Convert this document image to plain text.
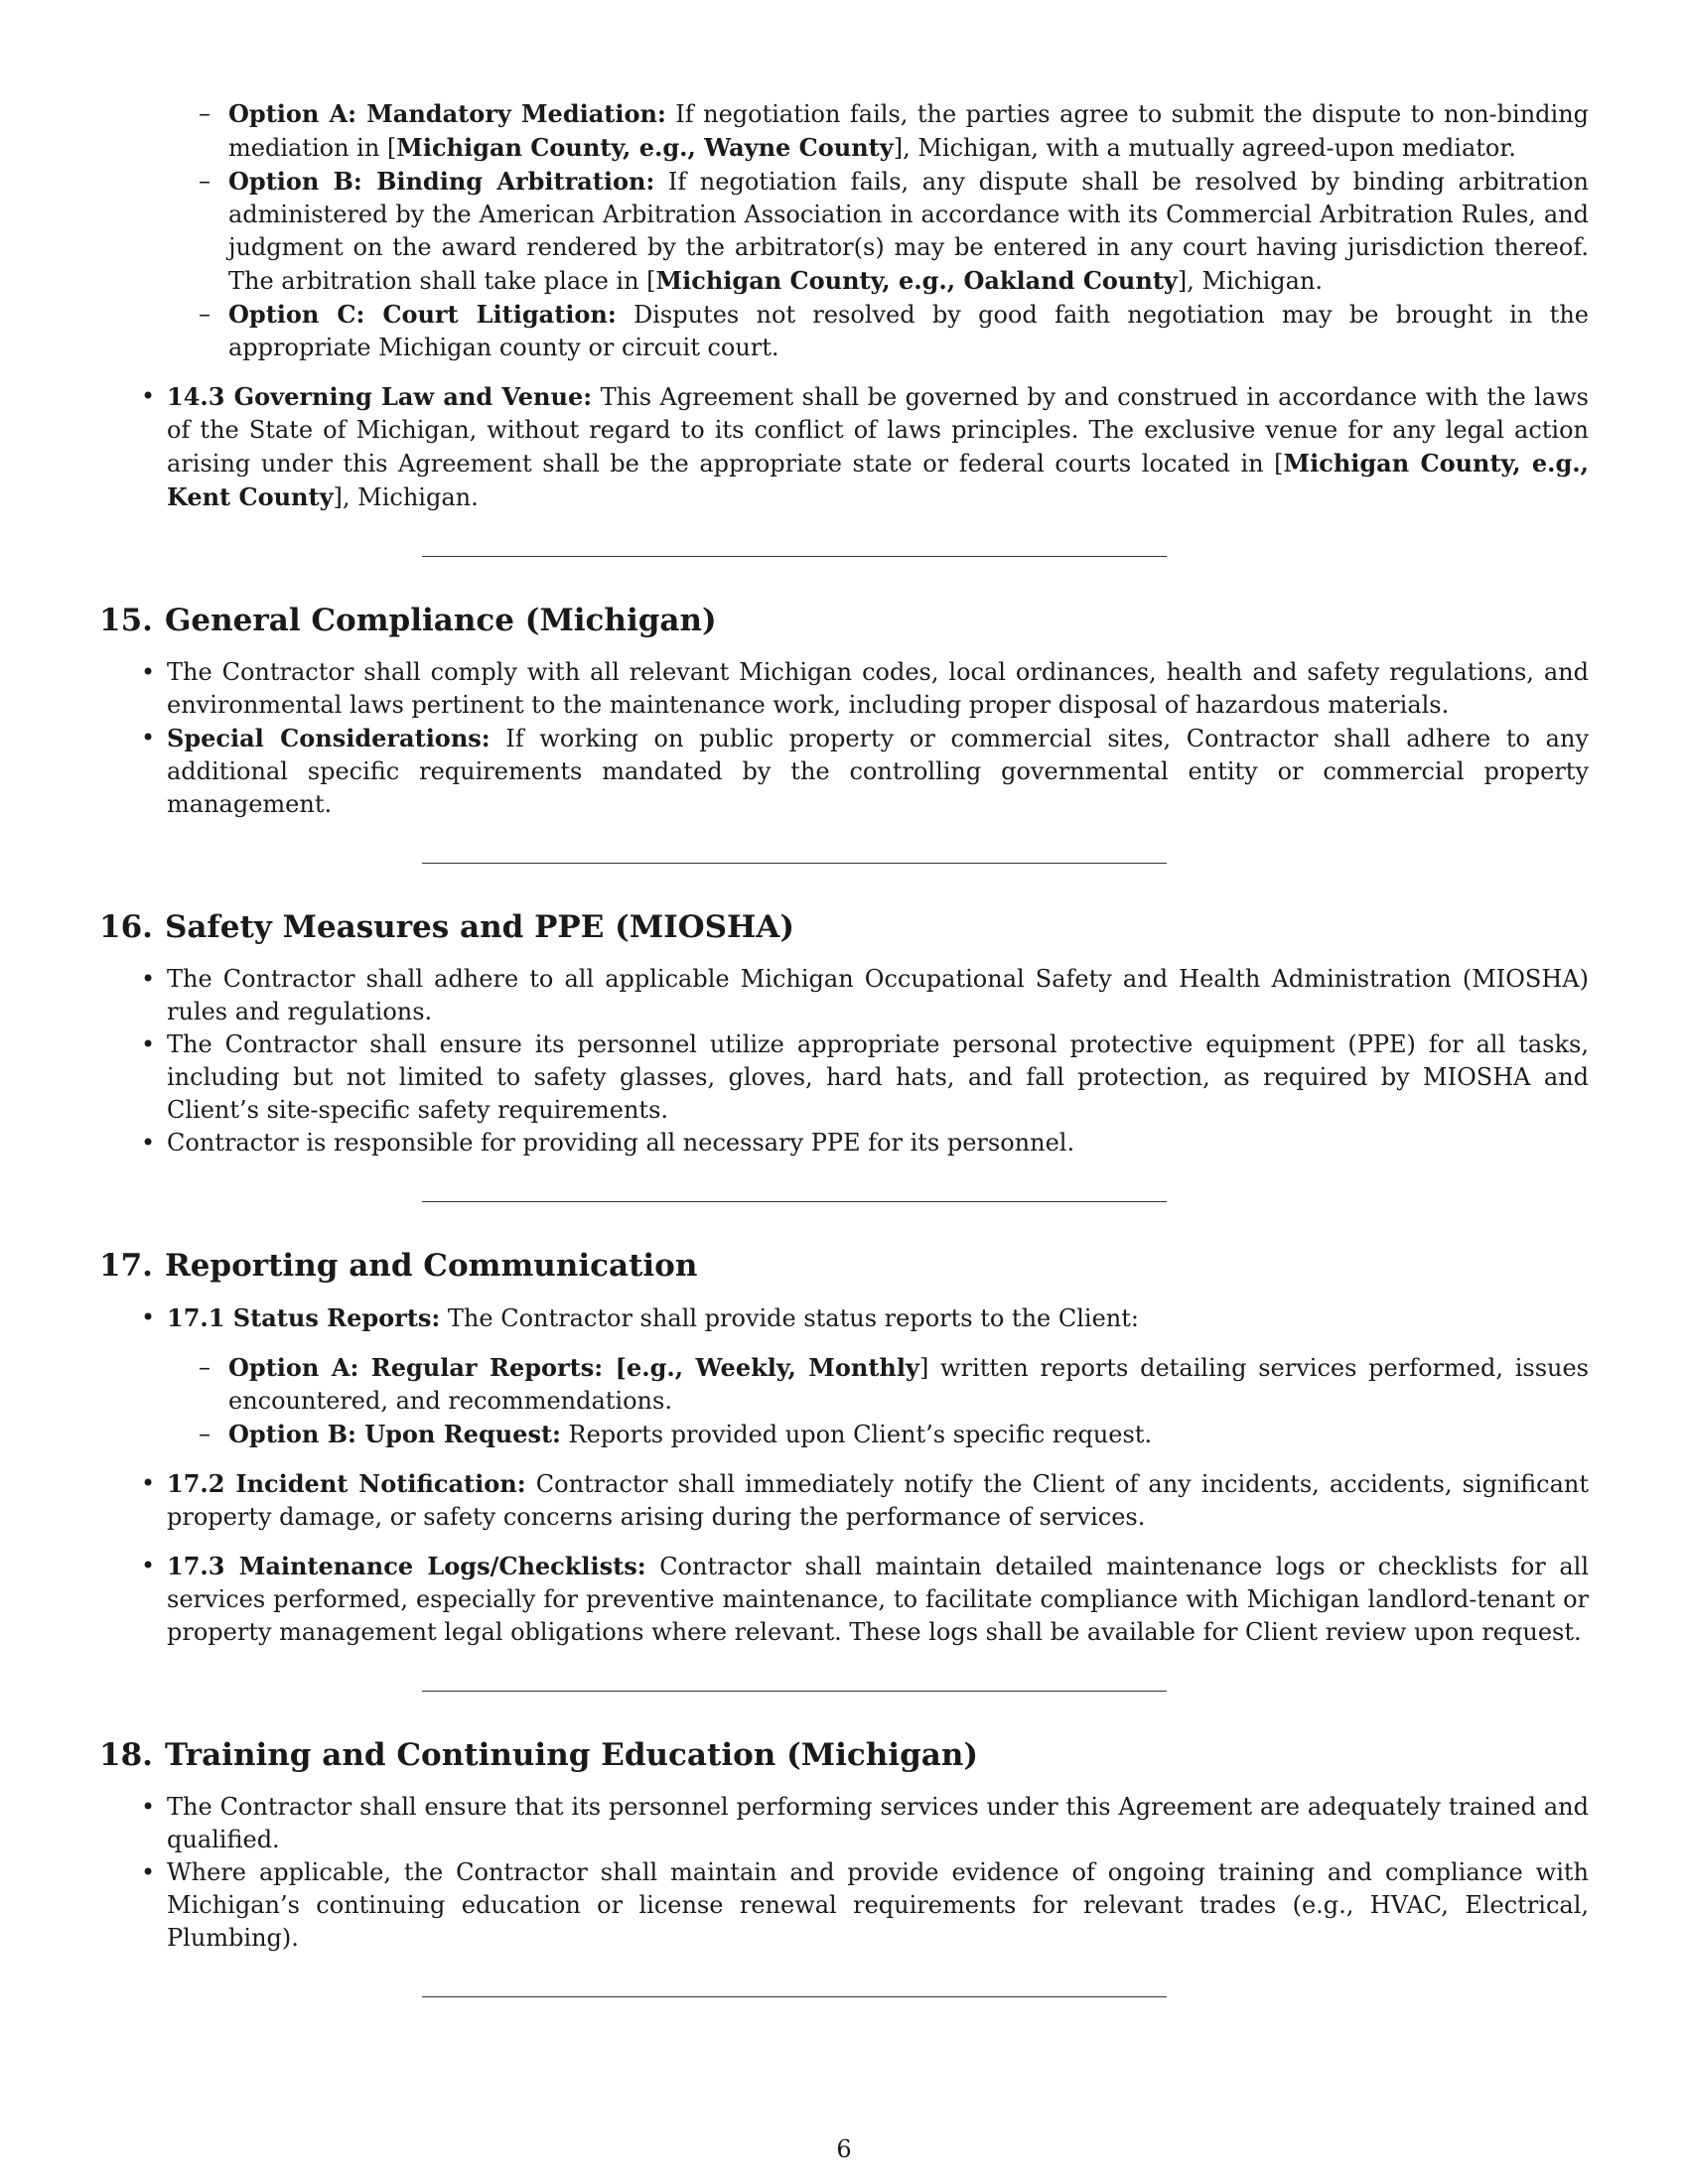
– Option A: Mandatory Mediation: If negotiation fails, the parties agree to submit the dispute to non-binding mediation in [Michigan County, e.g., Wayne County], Michigan, with a mutually agreed-upon mediator.
– Option B: Binding Arbitration: If negotiation fails, any dispute shall be resolved by binding arbitration administered by the American Arbitration Association in accordance with its Commercial Arbitration Rules, and judgment on the award rendered by the arbitrator(s) may be entered in any court having jurisdiction thereof. The arbitration shall take place in [Michigan County, e.g., Oakland County], Michigan.
– Option C: Court Litigation: Disputes not resolved by good faith negotiation may be brought in the appropriate Michigan county or circuit court.
• 14.3 Governing Law and Venue: This Agreement shall be governed by and construed in accordance with the laws of the State of Michigan, without regard to its conflict of laws principles. The exclusive venue for any legal action arising under this Agreement shall be the appropriate state or federal courts located in [Michigan County, e.g., Kent County], Michigan.
15. General Compliance (Michigan)
• The Contractor shall comply with all relevant Michigan codes, local ordinances, health and safety regulations, and environmental laws pertinent to the maintenance work, including proper disposal of hazardous materials.
• Special Considerations: If working on public property or commercial sites, Contractor shall adhere to any additional specific requirements mandated by the controlling governmental entity or commercial property management.
16. Safety Measures and PPE (MIOSHA)
• The Contractor shall adhere to all applicable Michigan Occupational Safety and Health Administration (MIOSHA) rules and regulations.
• The Contractor shall ensure its personnel utilize appropriate personal protective equipment (PPE) for all tasks, including but not limited to safety glasses, gloves, hard hats, and fall protection, as required by MIOSHA and Client’s site-specific safety requirements.
• Contractor is responsible for providing all necessary PPE for its personnel.
17. Reporting and Communication
• 17.1 Status Reports: The Contractor shall provide status reports to the Client:
– Option A: Regular Reports: [e.g., Weekly, Monthly] written reports detailing services performed, issues encountered, and recommendations.
– Option B: Upon Request: Reports provided upon Client’s specific request.
• 17.2 Incident Notification: Contractor shall immediately notify the Client of any incidents, accidents, significant property damage, or safety concerns arising during the performance of services.
• 17.3 Maintenance Logs/Checklists: Contractor shall maintain detailed maintenance logs or checklists for all services performed, especially for preventive maintenance, to facilitate compliance with Michigan landlord-tenant or property management legal obligations where relevant. These logs shall be available for Client review upon request.
18. Training and Continuing Education (Michigan)
• The Contractor shall ensure that its personnel performing services under this Agreement are adequately trained and qualified.
• Where applicable, the Contractor shall maintain and provide evidence of ongoing training and compliance with Michigan’s continuing education or license renewal requirements for relevant trades (e.g., HVAC, Electrical, Plumbing).
6
